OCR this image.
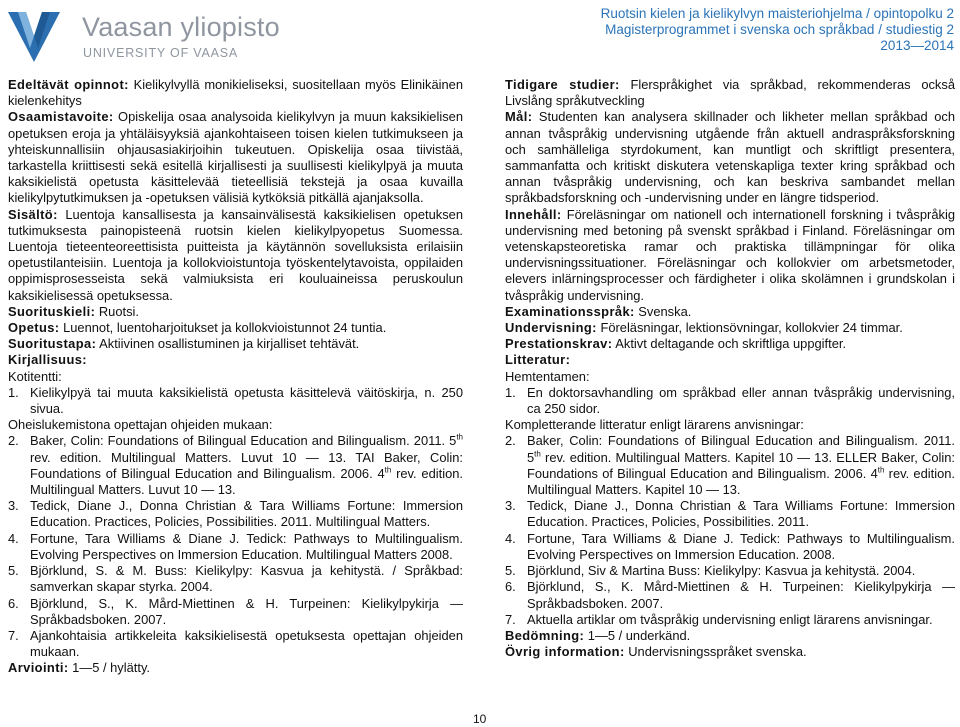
Vaasan yliopisto
UNIVERSITY OF VAASA
Ruotsin kielen ja kielikylvyn maisteriohjelma / opintopolku 2
Magisterprogrammet i svenska och språkbad / studiestig 2
2013—2014

Edeltävät opinnot: Kielikylvyllä monikieliseksi, suositellaan myös Elinikäinen kielenkehitys

Osaamistavoite: Opiskelija osaa analysoida kielikylvyn ja muun kaksikielisen opetuksen eroja ja yhtäläisyyksiä ajankohtaiseen toisen kielen tutkimukseen ja yhteiskunnallisiin ohjausasiakirjoihin tukeutuen. Opiskelija osaa tiivistää, tarkastella kriittisesti sekä esitellä kirjallisesti ja suullisesti kielikylpyä ja muuta kaksikielistä opetusta käsittelevää tieteellisiä tekstejä ja osaa kuvailla kielikylpytutkimuksen ja -opetuksen välisiä kytköksiä pitkällä ajanjaksolla.

Sisältö: Luentoja kansallisesta ja kansainvälisestä kaksikielisen opetuksen tutkimuksesta painopisteenä ruotsin kielen kielikylpyopetus Suomessa. Luentoja tieteenteoreettisista puitteista ja käytännön sovelluksista erilaisiin opetustilanteisiin. Luentoja ja kollokvioistuntoja työskentelytavoista, oppilaiden oppimisprosesseista sekä valmiuksista eri kouluaineissa peruskoulun kaksikielisessä opetuksessa.

Suorituskieli: Ruotsi.

Opetus: Luennot, luentoharjoitukset ja kollokvioistunnot 24 tuntia.

Suoritustapa: Aktiivinen osallistuminen ja kirjalliset tehtävät.

Kirjallisuus:

Kotitentti:

1. Kielikylpyä tai muuta kaksikielistä opetusta käsittelevä väitöskirja, n. 250 sivua.

Oheislukemistona opettajan ohjeiden mukaan:

2. Baker, Colin: Foundations of Bilingual Education and Bilingualism. 2011. 5th rev. edition. Multilingual Matters. Luvut 10 — 13. TAI Baker, Colin: Foundations of Bilingual Education and Bilingualism. 2006. 4th rev. edition. Multilingual Matters. Luvut 10 — 13.
3. Tedick, Diane J., Donna Christian & Tara Williams Fortune: Immersion Education. Practices, Policies, Possibilities. 2011. Multilingual Matters.
4. Fortune, Tara Williams & Diane J. Tedick: Pathways to Multilingualism. Evolving Perspectives on Immersion Education. Multilingual Matters 2008.
5. Björklund, S. & M. Buss: Kielikylpy: Kasvua ja kehitystä. / Språkbad: samverkan skapar styrka. 2004.
6. Björklund, S., K. Mård-Miettinen & H. Turpeinen: Kielikylpykirja — Språkbadsboken. 2007.
7. Ajankohtaisia artikkeleita kaksikielisestä opetuksesta opettajan ohjeiden mukaan.

Arviointi: 1—5 / hylätty.

Tidigare studier: Flerspråkighet via språkbad, rekommenderas också Livslång språkutveckling

Mål: Studenten kan analysera skillnader och likheter mellan språkbad och annan tvåspråkig undervisning utgående från aktuell andraspråksforskning och samhälleliga styrdokument, kan muntligt och skriftligt presentera, sammanfatta och kritiskt diskutera vetenskapliga texter kring språkbad och annan tvåspråkig undervisning, och kan beskriva sambandet mellan språkbadsforskning och -undervisning under en längre tidsperiod.

Innehåll: Föreläsningar om nationell och internationell forskning i tvåspråkig undervisning med betoning på svenskt språkbad i Finland. Föreläsningar om vetenskapsteoretiska ramar och praktiska tillämpningar för olika undervisningssituationer. Föreläsningar och kollokvier om arbetsmetoder, elevers inlärningsprocesser och färdigheter i olika skolämnen i grundskolan i tvåspråkig undervisning.

Examinationsspråk: Svenska.

Undervisning: Föreläsningar, lektionsövningar, kollokvier 24 timmar.

Prestationskrav: Aktivt deltagande och skriftliga uppgifter.

Litteratur:

Hemtentamen:

1. En doktorsavhandling om språkbad eller annan tvåspråkig undervisning, ca 250 sidor.

Kompletterande litteratur enligt lärarens anvisningar:

2. Baker, Colin: Foundations of Bilingual Education and Bilingualism. 2011. 5th rev. edition. Multilingual Matters. Kapitel 10 — 13. ELLER Baker, Colin: Foundations of Bilingual Education and Bilingualism. 2006. 4th rev. edition. Multilingual Matters. Kapitel 10 — 13.
3. Tedick, Diane J., Donna Christian & Tara Williams Fortune: Immersion Education. Practices, Policies, Possibilities. 2011.
4. Fortune, Tara Williams & Diane J. Tedick: Pathways to Multilingualism. Evolving Perspectives on Immersion Education. 2008.
5. Björklund, Siv & Martina Buss: Kielikylpy: Kasvua ja kehitystä. 2004.
6. Björklund, S., K. Mård-Miettinen & H. Turpeinen: Kielikylpykirja — Språkbadsboken. 2007.
7. Aktuella artiklar om tvåspråkig undervisning enligt lärarens anvisningar.

Bedömning: 1—5 / underkänd.

Övrig information: Undervisningsspråket svenska.

10
